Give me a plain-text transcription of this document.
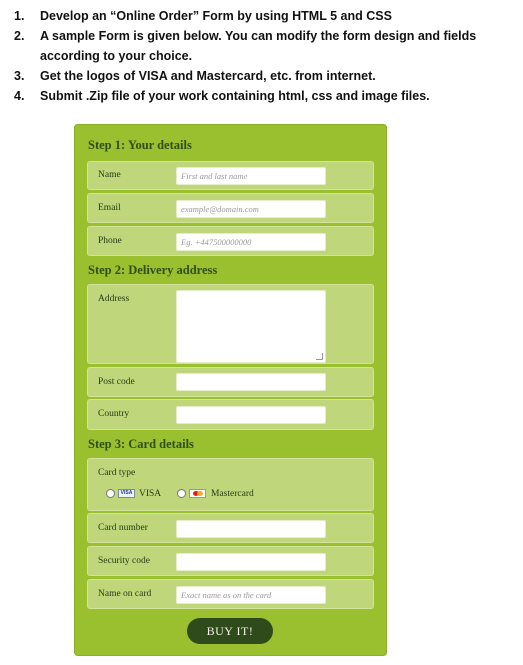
1.	Develop an “Online Order” Form by using HTML 5 and CSS
2.	A sample Form is given below. You can modify the form design and fields according to your choice.
3.	Get the logos of VISA and Mastercard, etc. from internet.
4.	Submit .Zip file of your work containing html, css and image files.
Step 1: Your details
Name	First and last name
Email	example@domain.com
Phone	Eg. +447500000000
Step 2: Delivery address
Address
Post code
Country
Step 3: Card details
Card type
VISA VISA	Mastercard
Card number
Security code
Name on card	Exact name as on the card
BUY IT!
